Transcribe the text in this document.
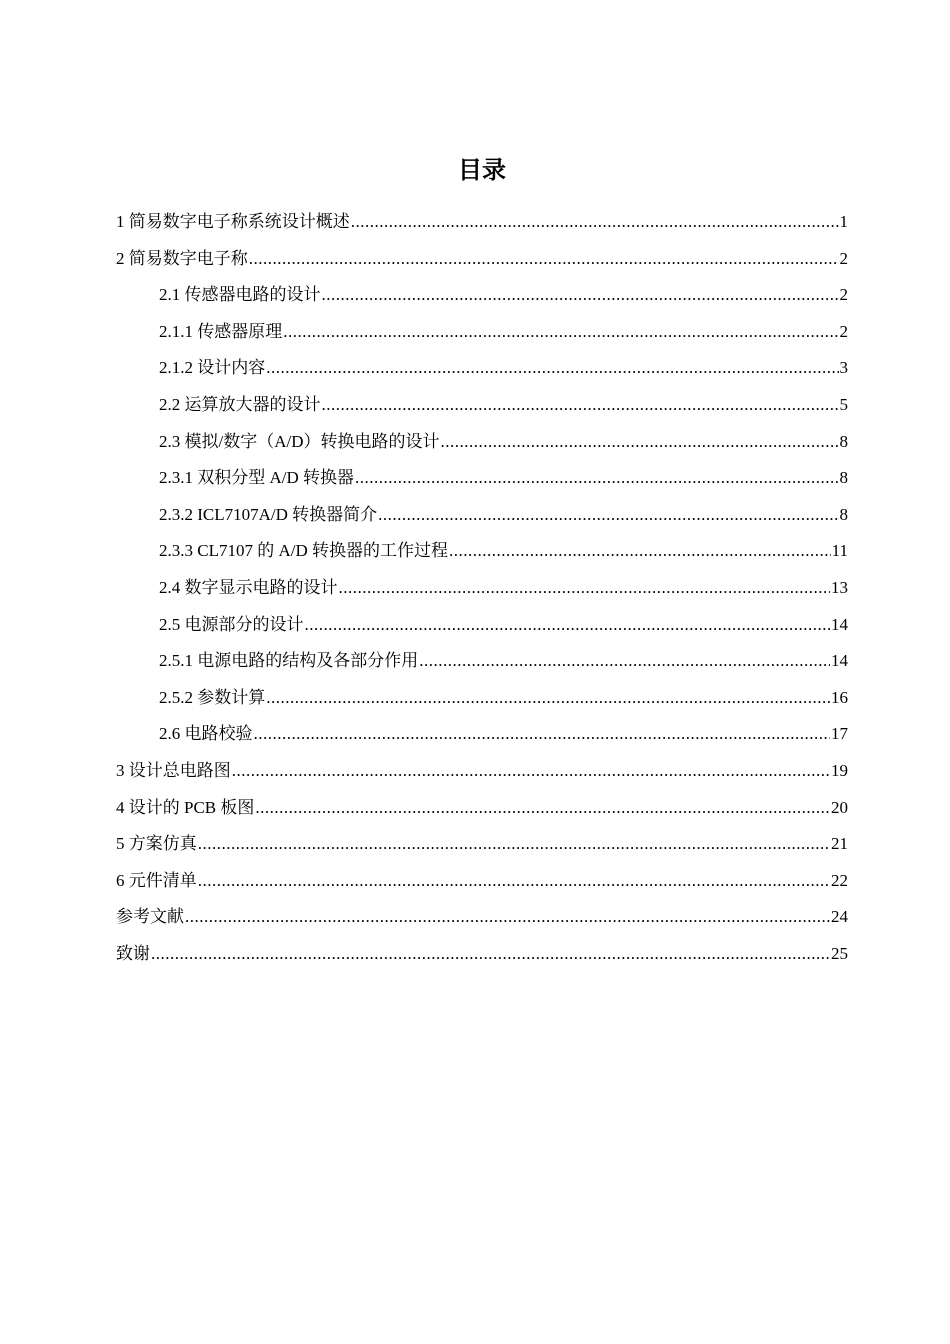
目录
1 简易数字电子称系统设计概述 .....	1
2 简易数字电子称 .....	2
2.1 传感器电路的设计 .....	2
2.1.1 传感器原理 .....	2
2.1.2 设计内容 .....	3
2.2 运算放大器的设计 .....	5
2.3 模拟/数字（A/D）转换电路的设计 .....	8
2.3.1 双积分型 A/D 转换器 .....	8
2.3.2 ICL7107A/D 转换器简介 .....	8
2.3.3 CL7107 的 A/D 转换器的工作过程 .....	11
2.4 数字显示电路的设计 .....	13
2.5 电源部分的设计 .....	14
2.5.1 电源电路的结构及各部分作用 .....	14
2.5.2 参数计算 .....	16
2.6 电路校验 .....	17
3 设计总电路图 .....	19
4 设计的 PCB 板图 .....	20
5 方案仿真 .....	21
6 元件清单 .....	22
参考文献 .....	24
致谢 .....	25
